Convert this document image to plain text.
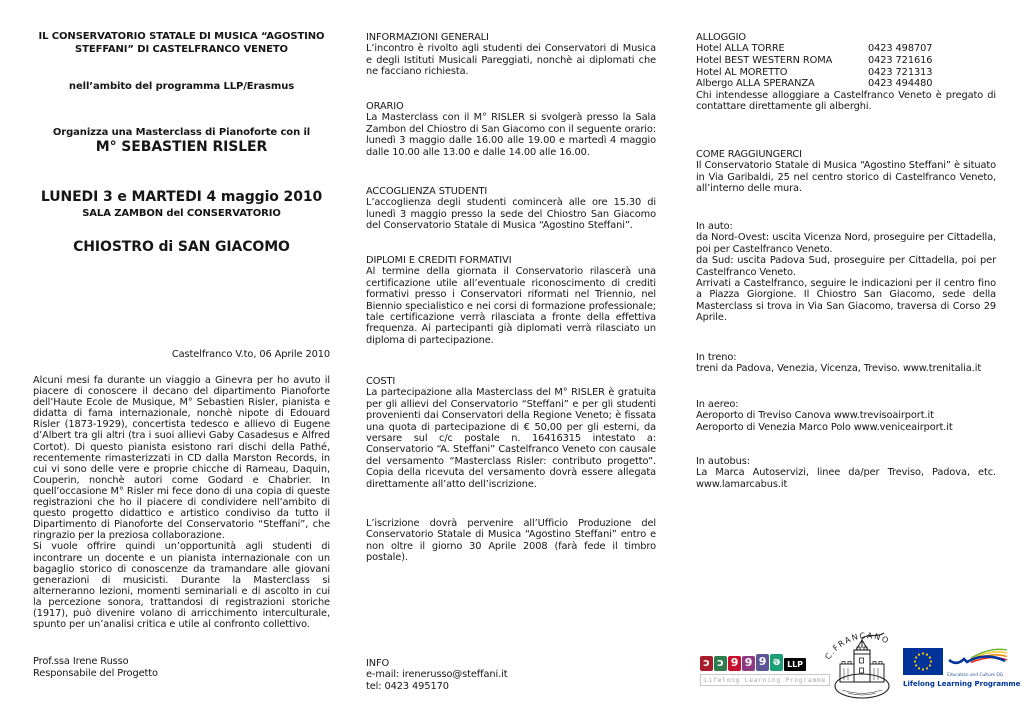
IL CONSERVATORIO STATALE DI MUSICA “AGOSTINO
STEFFANI” DI CASTELFRANCO VENETO
nell’ambito del programma LLP/Erasmus
Organizza una Masterclass di Pianoforte con il
M° SEBASTIEN RISLER
LUNEDI 3 e MARTEDI 4 maggio 2010
SALA ZAMBON del CONSERVATORIO
CHIOSTRO di SAN GIACOMO
Castelfranco V.to, 06 Aprile 2010

Alcuni mesi fa durante un viaggio a Ginevra per ho avuto il piacere di conoscere il decano del dipartimento Pianoforte dell’Haute Ecole de Musique, M° Sebastien Risler, pianista e didatta di fama internazionale, nonchè nipote di Edouard Risler (1873-1929), concertista tedesco e allievo di Eugene d’Albert tra gli altri (tra i suoi allievi Gaby Casadesus e Alfred Cortot). Di questo pianista esistono rari dischi della Pathé, recentemente rimasterizzati in CD dalla Marston Records, in cui vi sono delle vere e proprie chicche di Rameau, Daquin, Couperin, nonchè autori come Godard e Chabrier. In quell’occasione M° Risler mi fece dono di una copia di queste registrazioni che ho il piacere di condividere nell’ambito di questo progetto didattico e artistico condiviso da tutto il Dipartimento di Pianoforte del Conservatorio “Steffani”, che ringrazio per la preziosa collaborazione.

Si vuole offrire quindi un’opportunità agli studenti di incontrare un docente e un pianista internazionale con un bagaglio storico di conoscenze da tramandare alle giovani generazioni di musicisti. Durante la Masterclass si alterneranno lezioni, momenti seminariali e di ascolto in cui la percezione sonora, trattandosi di registrazioni storiche (1917), può divenire volano di arricchimento interculturale, spunto per un’analisi critica e utile al confronto collettivo.

Prof.ssa Irene Russo
Responsabile del Progetto
INFORMAZIONI GENERALI
L’incontro è rivolto agli studenti dei Conservatori di Musica e degli Istituti Musicali Pareggiati, nonchè ai diplomati che ne facciano richiesta.
ORARIO
La Masterclass con il M° RISLER si svolgerà presso la Sala Zambon del Chiostro di San Giacomo con il seguente orario: lunedì 3 maggio dalle 16.00 alle 19.00 e martedì 4 maggio dalle 10.00 alle 13.00 e dalle 14.00 alle 16.00.
ACCOGLIENZA STUDENTI
L’accoglienza degli studenti comincerà alle ore 15.30 di lunedì 3 maggio presso la sede del Chiostro San Giacomo del Conservatorio Statale di Musica “Agostino Steffani”.
DIPLOMI E CREDITI FORMATIVI
Al termine della giornata il Conservatorio rilascerà una certificazione utile all’eventuale riconoscimento di crediti formativi presso i Conservatori riformati nel Triennio, nel Biennio specialistico e nei corsi di formazione professionale; tale certificazione verrà rilasciata a fronte della effettiva frequenza. Ai partecipanti già diplomati verrà rilasciato un diploma di partecipazione.
COSTI
La partecipazione alla Masterclass del M° RISLER è gratuita per gli allievi del Conservatorio “Steffani” e per gli studenti provenienti dai Conservatori della Regione Veneto; è fissata una quota di partecipazione di € 50,00 per gli esterni, da versare sul c/c postale n. 16416315 intestato a: Conservatorio “A. Steffani” Castelfranco Veneto con causale del versamento “Masterclass Risler: contributo progetto”. Copia della ricevuta del versamento dovrà essere allegata direttamente all’atto dell’iscrizione.
L’iscrizione dovrà pervenire all’Ufficio Produzione del Conservatorio Statale di Musica “Agostino Steffani” entro e non oltre il giorno 30 Aprile 2008 (farà fede il timbro postale).
INFO
e-mail: irenerusso@steffani.it
tel: 0423 495170
ALLOGGIO
Hotel ALLA TORRE	0423 498707
Hotel BEST WESTERN ROMA	0423 721616
Hotel AL MORETTO	0423 721313
Albergo ALLA SPERANZA	0423 494480
Chi intendesse alloggiare a Castelfranco Veneto è pregato di contattare direttamente gli alberghi.
COME RAGGIUNGERCI
Il Conservatorio Statale di Musica “Agostino Steffani” è situato in Via Garibaldi, 25 nel centro storico di Castelfranco Veneto, all’interno delle mura.
In auto:
da Nord-Ovest: uscita Vicenza Nord, proseguire per Cittadella, poi per Castelfranco Veneto.
da Sud: uscita Padova Sud, proseguire per Cittadella, poi per Castelfranco Veneto.
Arrivati a Castelfranco, seguire le indicazioni per il centro fino a Piazza Giorgione. Il Chiostro San Giacomo, sede della Masterclass si trova in Via San Giacomo, traversa di Corso 29 Aprile.
In treno:
treni da Padova, Venezia, Vicenza, Treviso. www.trenitalia.it
In aereo:
Aeroporto di Treviso Canova www.trevisoairport.it
Aeroporto di Venezia Marco Polo www.veniceairport.it
In autobus:
La Marca Autoservizi, linee da/per Treviso, Padova, etc. www.lamarcabus.it
ɔ ɔ 9 9 9 ə LLP
Lifelong Learning Programme
C.FRANCANO
Education and Culture DG
Lifelong Learning Programme
